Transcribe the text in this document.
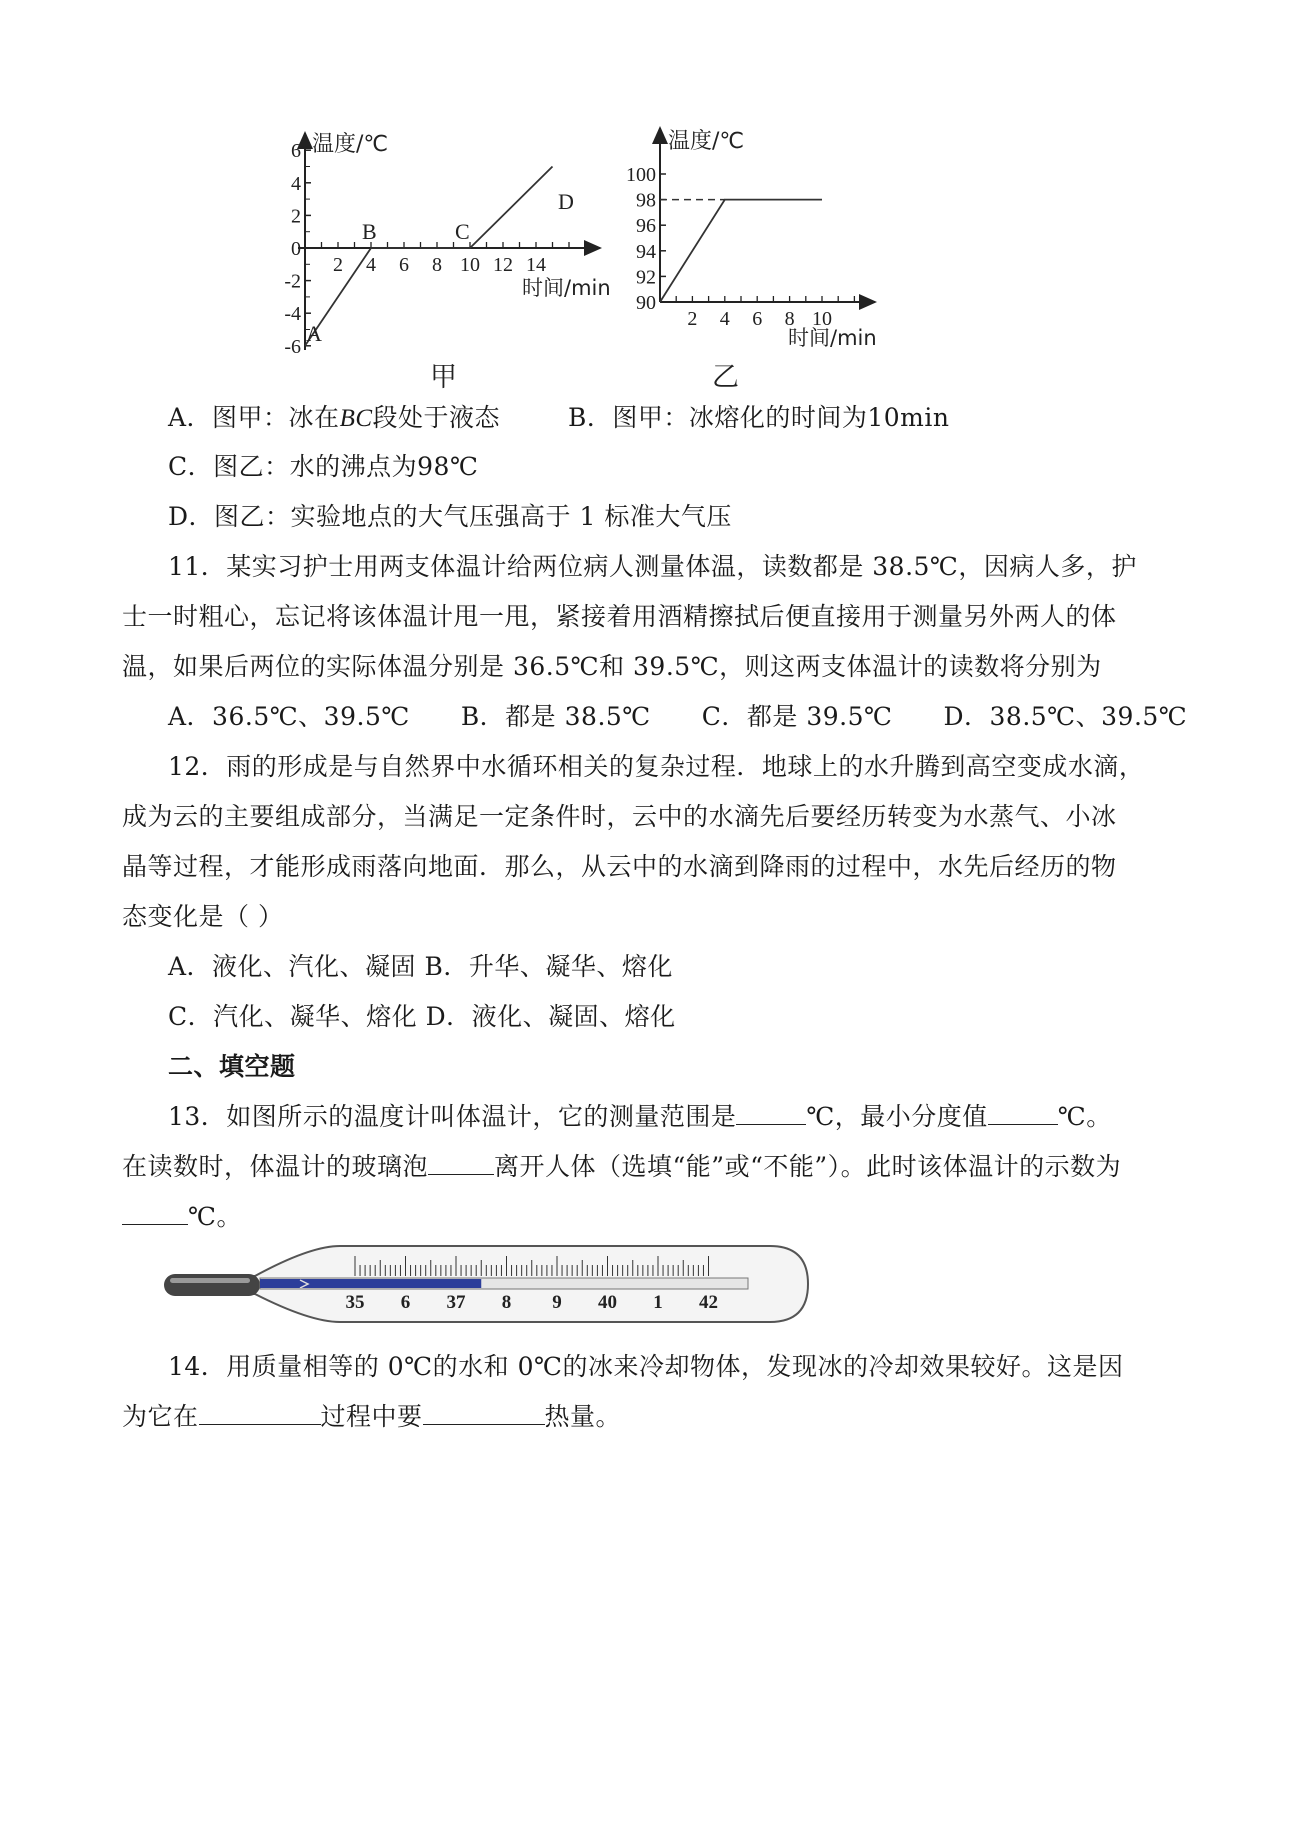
温度/℃
时间/min
6
4
2
0
-2
-4
-6
2 4 6 8 10 12 14
A
B	C
D
甲
温度/℃
时间/min
100
98
96
94
92
90
2 4 6 8 10
乙
A．图甲：冰在BC段处于液态	B．图甲：冰熔化的时间为10min
C．图乙：水的沸点为98℃
D．图乙：实验地点的大气压强高于 1 标准大气压
11．某实习护士用两支体温计给两位病人测量体温，读数都是 38.5℃，因病人多，护
士一时粗心，忘记将该体温计甩一甩，紧接着用酒精擦拭后便直接用于测量另外两人的体
温，如果后两位的实际体温分别是 36.5℃和 39.5℃，则这两支体温计的读数将分别为
A．36.5℃、39.5℃　　B．都是 38.5℃　　C．都是 39.5℃　　D．38.5℃、39.5℃
12．雨的形成是与自然界中水循环相关的复杂过程．地球上的水升腾到高空变成水滴，
成为云的主要组成部分，当满足一定条件时，云中的水滴先后要经历转变为水蒸气、小冰
晶等过程，才能形成雨落向地面．那么，从云中的水滴到降雨的过程中，水先后经历的物
态变化是（ ）
A．液化、汽化、凝固 B．升华、凝华、熔化
C．汽化、凝华、熔化 D．液化、凝固、熔化
二、填空题
13．如图所示的温度计叫体温计，它的测量范围是	℃，最小分度值	℃。
在读数时，体温计的玻璃泡	离开人体（选填“能”或“不能”）。此时该体温计的示数为
℃。
35 6 37 8 9 40 1 42
14．用质量相等的 0℃的水和 0℃的冰来冷却物体，发现冰的冷却效果较好。这是因
为它在	过程中要	热量。
